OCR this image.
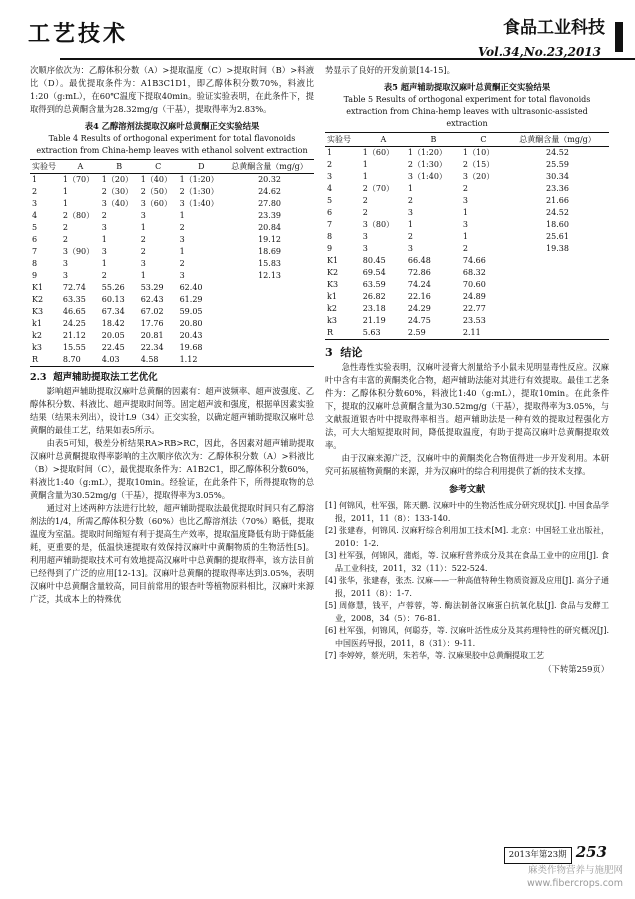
工艺技术	食品工业科技
Vol.34,No.23,2013

次顺序依次为：乙醇体积分数（A）>提取温度（C）>提取时间（B）>料液比（D）。最优提取条件为：A1B3C1D1，即乙醇体积分数70%，料液比1:20（g:mL），在60℃温度下提取40min。验证实验表明，在此条件下，提取得到的总黄酮含量为28.32mg/g（干基），提取得率为2.83%。

表4 乙醇溶剂法提取汉麻叶总黄酮正交实验结果
Table 4 Results of orthogonal experiment for total flavonoids extraction from China-hemp leaves with ethanol solvent extraction
实验号	A	B	C	D	总黄酮含量（mg/g）
1	1（70）	1（20）	1（40）	1（1:20）	20.32
2	1	2（30）	2（50）	2（1:30）	24.62
3	1	3（40）	3（60）	3（1:40）	27.80
4	2（80）	2	3	1	23.39
5	2	3	1	2	20.84
6	2	1	2	3	19.12
7	3（90）	3	2	1	18.69
8	3	1	3	2	15.83
9	3	2	1	3	12.13
K1	72.74	55.26	53.29	62.40	
K2	63.35	60.13	62.43	61.29	
K3	46.65	67.34	67.02	59.05	
k1	24.25	18.42	17.76	20.80	
k2	21.12	20.05	20.81	20.43	
k3	15.55	22.45	22.34	19.68	
R	8.70	4.03	4.58	1.12	
2.3 超声辅助提取法工艺优化

影响超声辅助提取汉麻叶总黄酮的因素有：超声波频率、超声波强度、乙醇体积分数、料液比、超声提取时间等。固定超声波和强度，根据单因素实验结果（结果未列出），设计L9（34）正交实验，以确定超声辅助提取汉麻叶总黄酮的最佳工艺，结果如表5所示。

由表5可知，极差分析结果RA>RB>RC，因此，各因素对超声辅助提取汉麻叶总黄酮提取得率影响的主次顺序依次为：乙醇体积分数（A）>料液比（B）>提取时间（C），最优提取条件为：A1B2C1，即乙醇体积分数60%，料液比1:40（g:mL），提取10min。经验证，在此条件下，所得提取物的总黄酮含量为30.52mg/g（干基），提取得率为3.05%。

通过对上述两种方法进行比较，超声辅助提取法最优提取时间只有乙醇溶剂法的1/4，所需乙醇体积分数（60%）也比乙醇溶剂法（70%）略低，提取温度为室温。提取时间缩短有利于提高生产效率，提取温度降低有助于降低能耗，更重要的是，低温快速提取有效保持汉麻叶中黄酮物质的生物活性[5]。利用超声辅助提取技术可有效地提高汉麻叶中总黄酮的提取得率，该方法目前已经得到了广泛的应用[12-13]。汉麻叶总黄酮的提取得率达到3.05%，表明汉麻叶中总黄酮含量较高，同目前常用的银杏叶等植物原料相比，汉麻叶来源广泛，其成本上的特殊优

势显示了良好的开发前景[14-15]。

表5 超声辅助提取汉麻叶总黄酮正交实验结果
Table 5 Results of orthogonal experiment for total flavonoids extraction from China-hemp leaves with ultrasonic-assisted extraction
实验号	A	B	C	总黄酮含量（mg/g）
1	1（60）	1（1:20）	1（10）	24.52
2	1	2（1:30）	2（15）	25.59
3	1	3（1:40）	3（20）	30.34
4	2（70）	1	2	23.36
5	2	2	3	21.66
6	2	3	1	24.52
7	3（80）	1	3	18.60
8	3	2	1	25.61
9	3	3	2	19.38
K1	80.45	66.48	74.66	
K2	69.54	72.86	68.32	
K3	63.59	74.24	70.60	
k1	26.82	22.16	24.89	
k2	23.18	24.29	22.77	
k3	21.19	24.75	23.53	
R	5.63	2.59	2.11	
3 结论

急性毒性实验表明，汉麻叶浸膏大剂量给予小鼠未见明显毒性反应。汉麻叶中含有丰富的黄酮类化合物，超声辅助法能对其进行有效提取。最佳工艺条件为：乙醇体积分数60%，料液比1:40（g:mL），提取10min。在此条件下，提取的汉麻叶总黄酮含量为30.52mg/g（干基），提取得率为3.05%，与文献报道银杏叶中提取得率相当。超声辅助法是一种有效的提取过程强化方法，可大大缩短提取时间，降低提取温度，有助于提高汉麻叶总黄酮提取效率。

由于汉麻来源广泛，汉麻叶中的黄酮类化合物值得进一步开发利用。本研究可拓展植物黄酮的来源，并为汉麻叶的综合利用提供了新的技术支撑。

参考文献

[1] 何锦风，杜军强，陈天鹏. 汉麻叶中的生物活性成分研究现状[J]. 中国食品学报，2011，11（8）：133-140.

[2] 张建春，何锦风. 汉麻籽综合利用加工技术[M]. 北京：中国轻工业出版社，2010：1-2.

[3] 杜军强，何锦风，蒲彪，等. 汉麻籽营养成分及其在食品工业中的应用[J]. 食品工业科技，2011，32（11）：522-524.

[4] 张华，张建春，张杰. 汉麻——一种高值特种生物质资源及应用[J]. 高分子通报，2011（8）：1-7.

[5] 周修慧，钱平，卢蓉蓉，等. 酶法制备汉麻蛋白抗氧化肽[J]. 食品与发酵工业，2008，34（5）：76-81.

[6] 杜军强，何锦风，何聪芬，等. 汉麻叶活性成分及其药理特性的研究概况[J]. 中国医药导报，2011，8（31）：9-11.

[7] 李婷婷，蔡光明，朱若华，等. 汉麻果胶中总黄酮提取工艺

（下转第259页）
2013年第23期 253
麻类作物营养与施肥网
www.fibercrops.com
